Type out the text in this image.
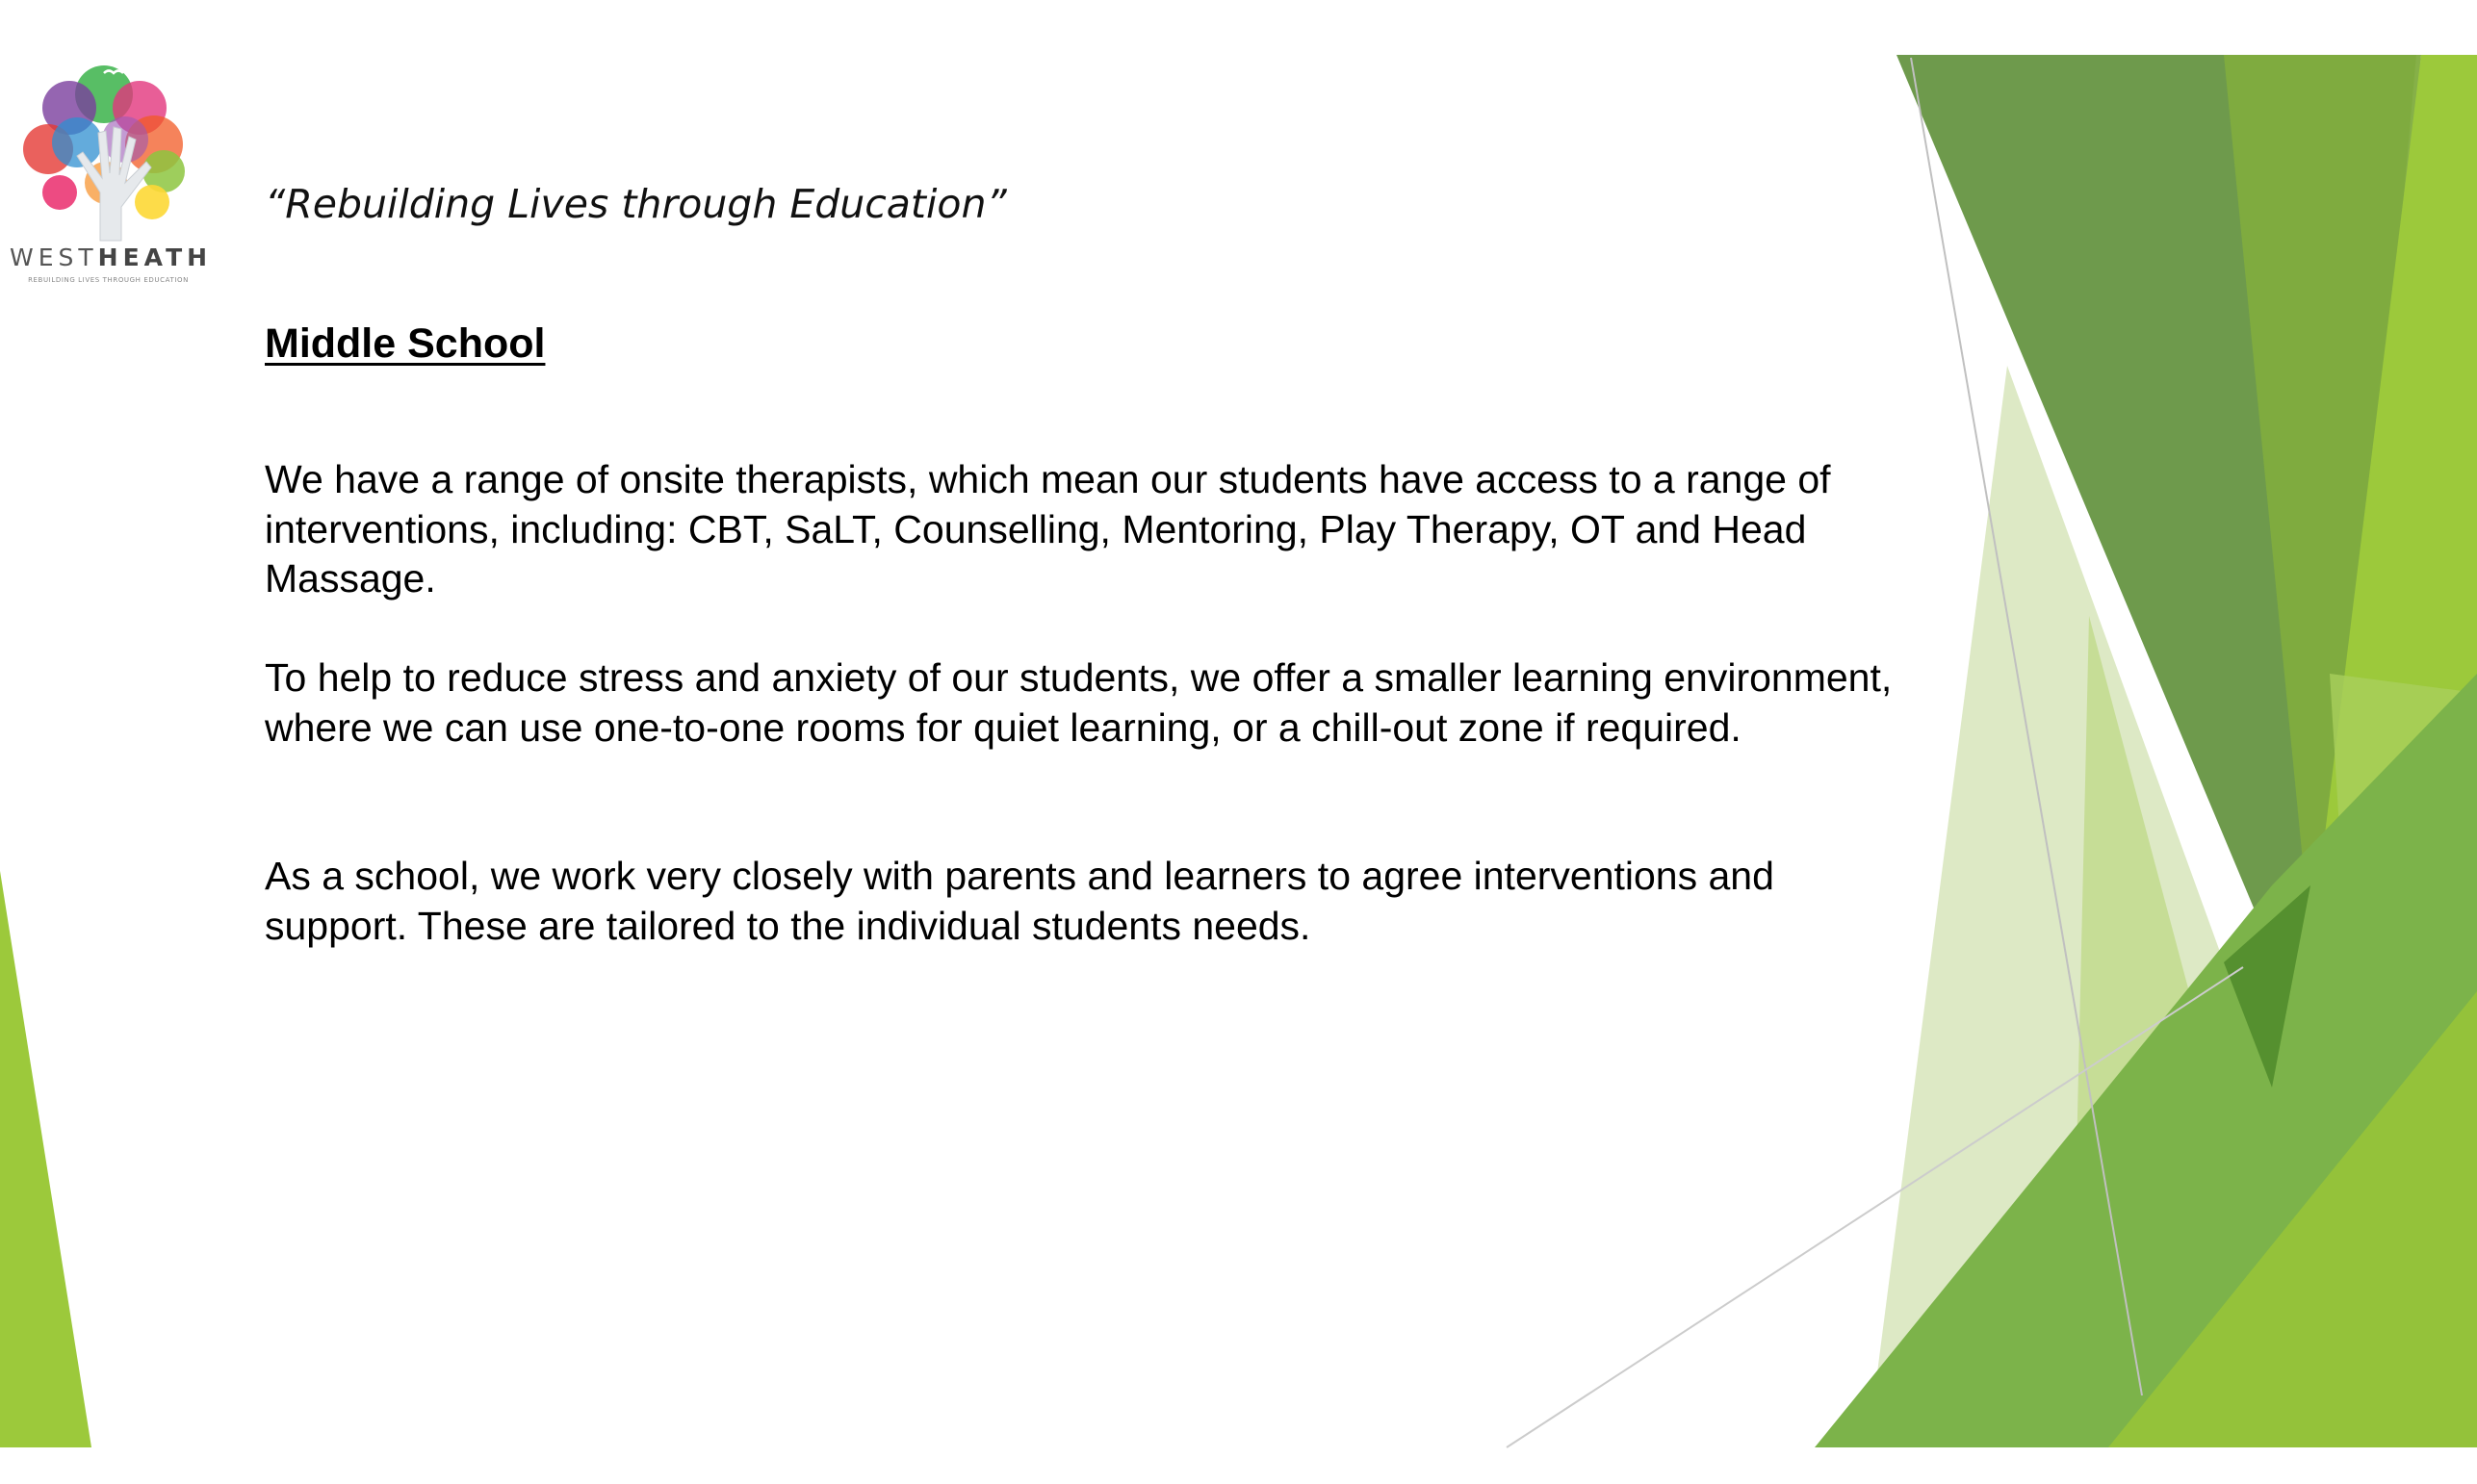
WESTHEATH
REBUILDING LIVES THROUGH EDUCATION
“Rebuilding Lives through Education”
Middle School
We have a range of onsite therapists, which mean our students have access to a range of interventions, including: CBT, SaLT, Counselling, Mentoring, Play Therapy, OT and Head Massage.
To help to reduce stress and anxiety of our students, we offer a smaller learning environment, where we can use one-to-one rooms for quiet learning, or a chill-out zone if required.
As a school, we work very closely with parents and learners to agree interventions and support. These are tailored to the individual students needs.
